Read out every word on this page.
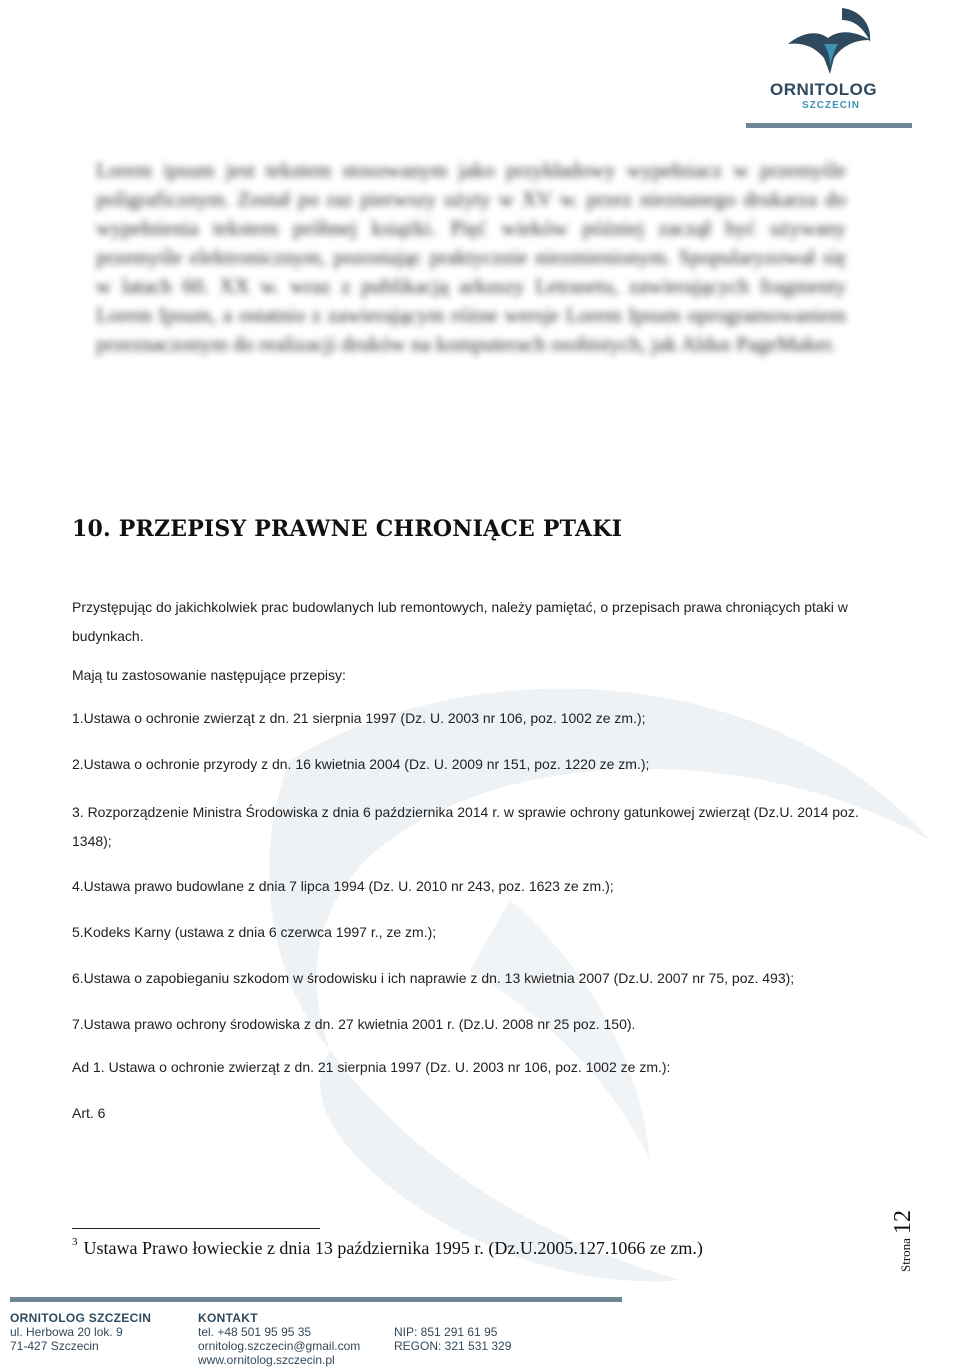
ORNITOLOG
SZCZECIN
Lorem ipsum jest tekstem stosowanym jako przykładowy wypełniacz w przemyśle poligraficznym. Został po raz pierwszy użyty w XV w. przez nieznanego drukarza do wypełnienia tekstem próbnej książki. Pięć wieków później zaczął być używany przemyśle elektronicznym, pozostając praktycznie niezmienionym. Spopularyzował się w latach 60. XX w. wraz z publikacją arkuszy Letrasetu, zawierających fragmenty Lorem Ipsum, a ostatnio z zawierającym różne wersje Lorem Ipsum oprogramowaniem przeznaczonym do realizacji druków na komputerach osobistych, jak Aldus PageMaker.
10. PRZEPISY PRAWNE CHRONIĄCE PTAKI
Przystępując do jakichkolwiek prac budowlanych lub remontowych, należy pamiętać, o przepisach prawa chroniących ptaki w budynkach.
Mają tu zastosowanie następujące przepisy:
1.Ustawa o ochronie zwierząt z dn. 21 sierpnia 1997 (Dz. U. 2003 nr 106, poz. 1002 ze zm.);
2.Ustawa o ochronie przyrody z dn. 16 kwietnia 2004 (Dz. U. 2009 nr 151, poz. 1220 ze zm.);
3. Rozporządzenie Ministra Środowiska z dnia 6 października 2014 r. w sprawie ochrony gatunkowej zwierząt (Dz.U. 2014 poz. 1348);
4.Ustawa prawo budowlane z dnia 7 lipca 1994 (Dz. U. 2010 nr 243, poz. 1623 ze zm.);
5.Kodeks Karny (ustawa z dnia 6 czerwca 1997 r., ze zm.);
6.Ustawa o zapobieganiu szkodom w środowisku i ich naprawie z dn. 13 kwietnia 2007 (Dz.U. 2007 nr 75, poz. 493);
7.Ustawa prawo ochrony środowiska z dn. 27 kwietnia 2001 r. (Dz.U. 2008 nr 25 poz. 150).
Ad 1. Ustawa o ochronie zwierząt z dn. 21 sierpnia 1997 (Dz. U. 2003 nr 106, poz. 1002 ze zm.):
Art. 6
$^3$ Ustawa Prawo łowieckie z dnia 13 października 1995 r. (Dz.U.2005.127.1066 ze zm.)	Strona12
ORNITOLOG SZCZECIN
ul. Herbowa 20 lok. 9
71-427 Szczecin
KONTAKT
tel. +48 501 95 95 35
ornitolog.szczecin@gmail.com
www.ornitolog.szczecin.pl
NIP: 851 291 61 95
REGON: 321 531 329
